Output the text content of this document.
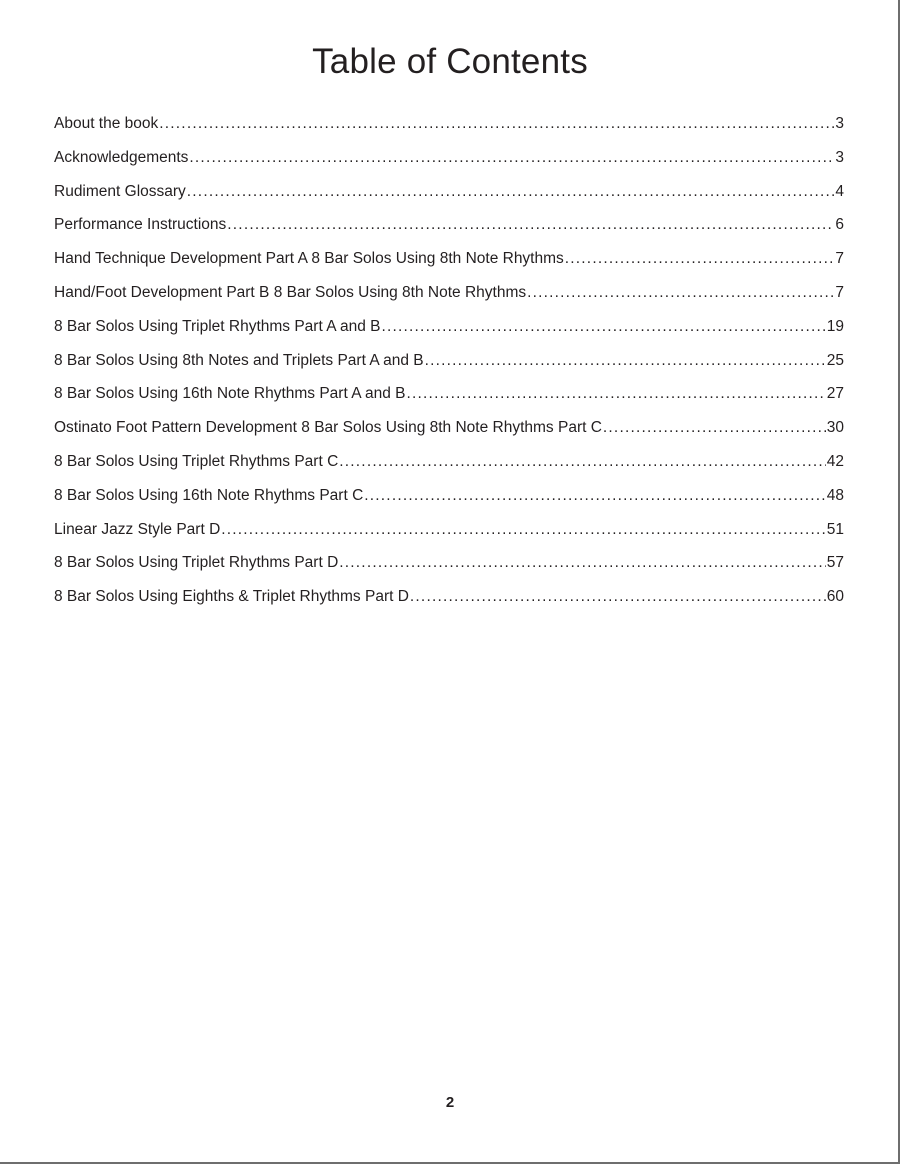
Table of Contents
About the book .....	3
Acknowledgements .....	3
Rudiment Glossary .....	4
Performance Instructions .....	6
Hand Technique Development Part A 8 Bar Solos Using 8th Note Rhythms .....	7
Hand/Foot Development Part B 8 Bar Solos Using 8th Note Rhythms .....	7
8 Bar Solos Using Triplet Rhythms Part A and B .....	19
8 Bar Solos Using 8th Notes and Triplets Part A and B .....	25
8 Bar Solos Using 16th Note Rhythms Part A and B .....	27
Ostinato Foot Pattern Development 8 Bar Solos Using 8th Note Rhythms Part C .....	30
8 Bar Solos Using Triplet Rhythms Part C .....	42
8 Bar Solos Using 16th Note Rhythms Part C .....	48
Linear Jazz Style Part D .....	51
8 Bar Solos Using Triplet Rhythms Part D .....	57
8 Bar Solos Using Eighths & Triplet Rhythms Part D .....	60
2
